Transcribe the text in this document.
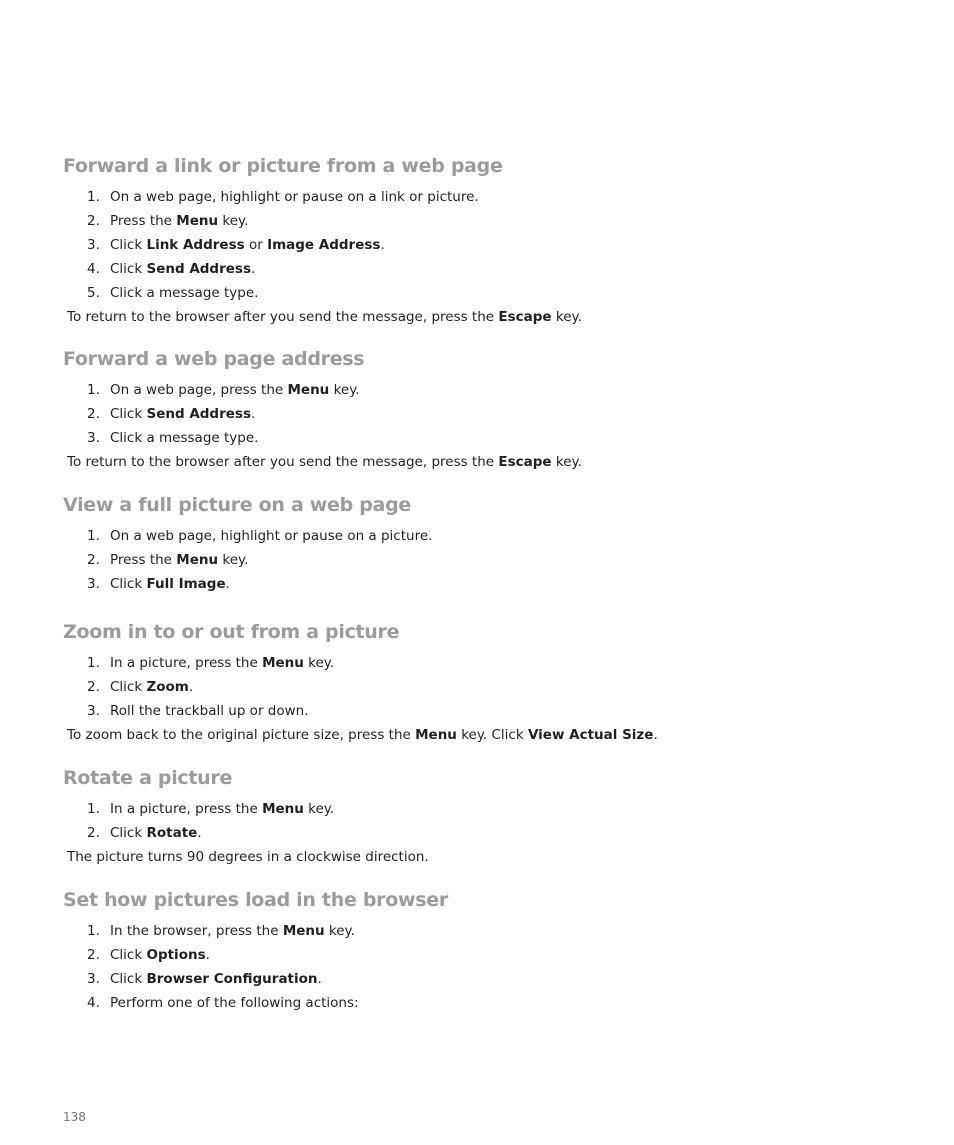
Forward a link or picture from a web page
1. On a web page, highlight or pause on a link or picture.
2. Press the Menu key.
3. Click Link Address or Image Address.
4. Click Send Address.
5. Click a message type.
To return to the browser after you send the message, press the Escape key.
Forward a web page address
1. On a web page, press the Menu key.
2. Click Send Address.
3. Click a message type.
To return to the browser after you send the message, press the Escape key.
View a full picture on a web page
1. On a web page, highlight or pause on a picture.
2. Press the Menu key.
3. Click Full Image.
Zoom in to or out from a picture
1. In a picture, press the Menu key.
2. Click Zoom.
3. Roll the trackball up or down.
To zoom back to the original picture size, press the Menu key. Click View Actual Size.
Rotate a picture
1. In a picture, press the Menu key.
2. Click Rotate.
The picture turns 90 degrees in a clockwise direction.
Set how pictures load in the browser
1. In the browser, press the Menu key.
2. Click Options.
3. Click Browser Configuration.
4. Perform one of the following actions:
138
